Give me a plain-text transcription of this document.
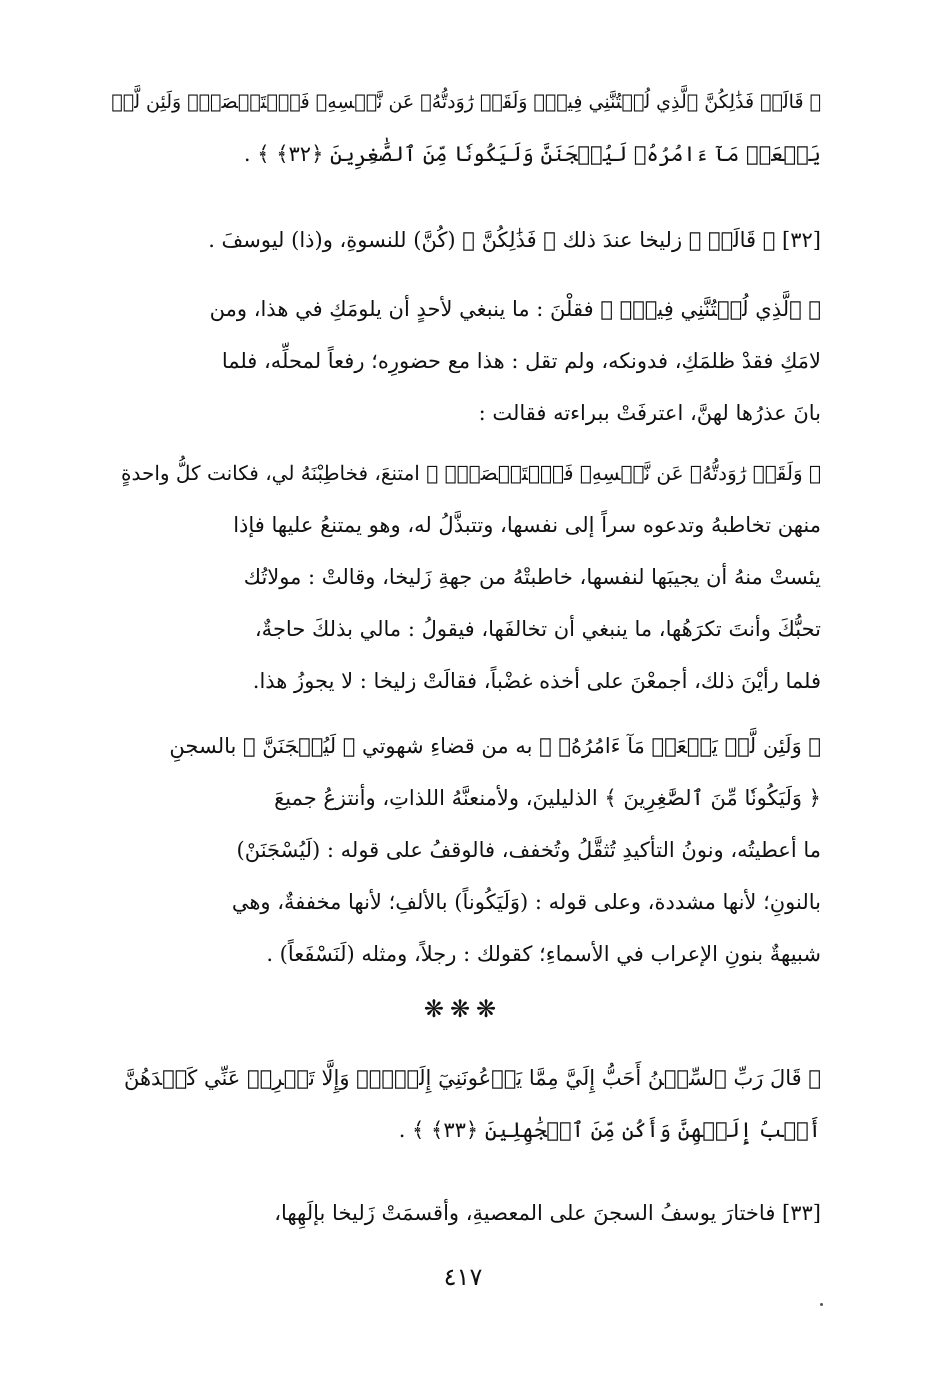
﴿ قَالَتۡ فَذَٰلِكُنَّ ٱلَّذِي لُمۡتُنَّنِي فِيهِۖ وَلَقَدۡ رَٰوَدتُّهُۥ عَن نَّفۡسِهِۦ فَٱسۡتَعۡصَمَۖ وَلَئِن لَّمۡ
يَفۡعَلۡ مَآ ءَامُرُهُۥ لَيُسۡجَنَنَّ وَلَيَكُونٗا مِّنَ ٱلصَّٰغِرِينَ ﴿٣٢﴾ ﴾ .
[٣٢] ﴿ قَالَتۡ ﴾ زليخا عندَ ذلك ﴿ فَذَٰلِكُنَّ ﴾ (كُنَّ) للنسوةِ، و(ذا) ليوسفَ .
﴿ ٱلَّذِي لُمۡتُنَّنِي فِيهِۖ ﴾ فقلْنَ : ما ينبغي لأحدٍ أن يلومَكِ في هذا، ومن
لامَكِ فقدْ ظلمَكِ، فدونكه، ولم تقل : هذا مع حضورِه؛ رفعاً لمحلِّه، فلما
بانَ عذرُها لهنَّ، اعترفَتْ ببراءته فقالت :
﴿ وَلَقَدۡ رَٰوَدتُّهُۥ عَن نَّفۡسِهِۦ فَٱسۡتَعۡصَمَۖ ﴾ امتنعَ، فخاطِبْنَهُ لي، فكانت كلُّ واحدةٍ
منهن تخاطبهُ وتدعوه سراً إلى نفسها، وتتبذَّلُ له، وهو يمتنعُ عليها فإذا
يئستْ منهُ أن يجيبَها لنفسها، خاطبتْهُ من جهةِ زَليخا، وقالتْ : مولاتُك
تحبُّكَ وأنتَ تكرَهُها، ما ينبغي أن تخالفَها، فيقولُ : مالي بذلكَ حاجةٌ،
فلما رأيْنَ ذلك، أجمعْنَ على أخذه غضْباً، فقالَتْ زليخا : لا يجوزُ هذا.
﴿ وَلَئِن لَّمۡ يَفۡعَلۡ مَآ ءَامُرُهُۥ ﴾ به من قضاءِ شهوتي ﴿ لَيُسۡجَنَنَّ ﴾ بالسجنِ
﴿ وَلَيَكُونٗا مِّنَ ٱلصَّٰغِرِينَ ﴾ الذليلينَ، ولأمنعنَّهُ اللذاتِ، وأنتزعُ جميعَ
ما أعطيتُه، ونونُ التأكيدِ تُثقَّلُ وتُخفف، فالوقفُ على قوله : (لَيُسْجَنَنْ)
بالنونِ؛ لأنها مشددة، وعلى قوله : (وَلَيَكُوناً) بالألفِ؛ لأنها مخففةٌ، وهي
شبيهةٌ بنونِ الإعراب في الأسماءِ؛ كقولك : رجلاً، ومثله (لَنَسْفَعاً) .
﴿ قَالَ رَبِّ ٱلسِّجۡنُ أَحَبُّ إِلَيَّ مِمَّا يَدۡعُونَنِيٓ إِلَيۡهِۖ وَإِلَّا تَصۡرِفۡ عَنِّي كَيۡدَهُنَّ
أَصۡبُ إِلَيۡهِنَّ وَأَكُن مِّنَ ٱلۡجَٰهِلِينَ ﴿٣٣﴾ ﴾ .
[٣٣] فاختارَ يوسفُ السجنَ على المعصيةِ، وأقسمَتْ زَليخا بإلَهِها،
❋❋❋
٤١٧
